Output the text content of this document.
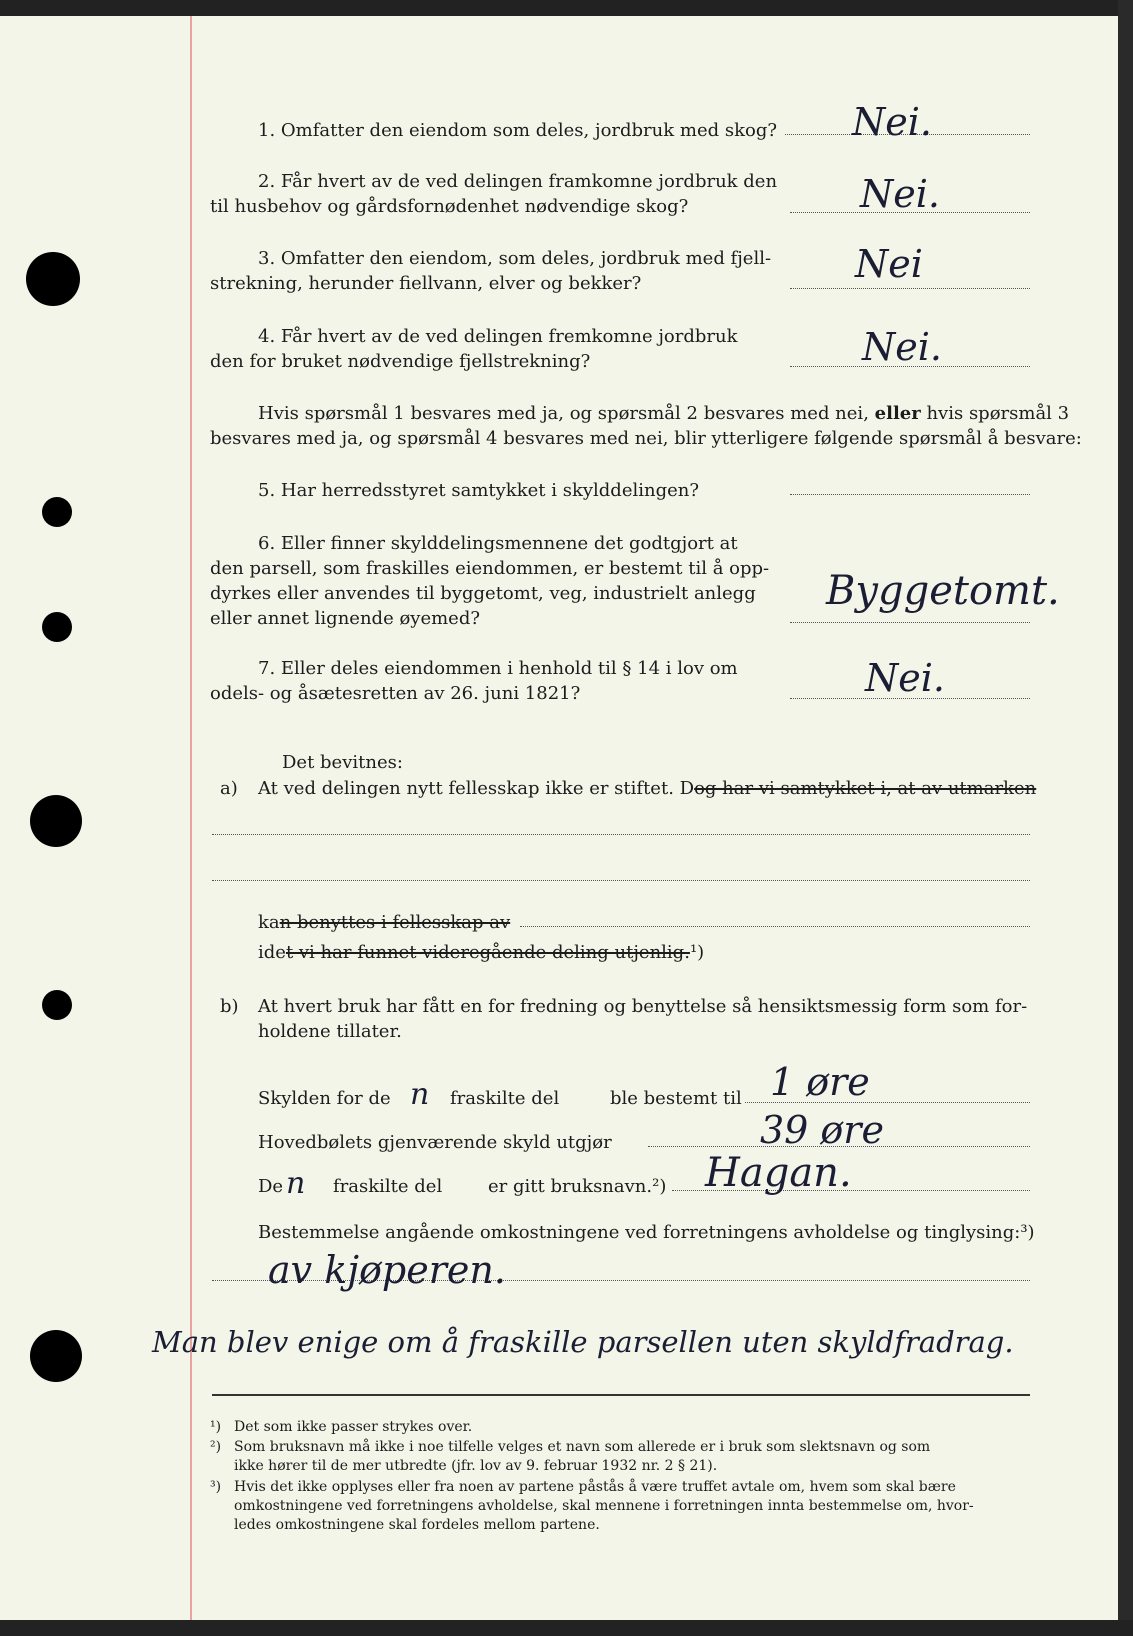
1. Omfatter den eiendom som deles, jordbruk med skog? Nei.
2. Får hvert av de ved delingen framkomne jordbruk den
til husbehov og gårdsfornødenhet nødvendige skog?	Nei.
3. Omfatter den eiendom, som deles, jordbruk med fjell-
strekning, herunder fiellvann, elver og bekker?	Nei
4. Får hvert av de ved delingen fremkomne jordbruk
den for bruket nødvendige fjellstrekning?	Nei.
Hvis spørsmål 1 besvares med ja, og spørsmål 2 besvares med nei, eller hvis spørsmål 3
besvares med ja, og spørsmål 4 besvares med nei, blir ytterligere følgende spørsmål å besvare:
5. Har herredsstyret samtykket i skylddelingen?
6. Eller finner skylddelingsmennene det godtgjort at
den parsell, som fraskilles eiendommen, er bestemt til å opp-
dyrkes eller anvendes til byggetomt, veg, industrielt anlegg
eller annet lignende øyemed?
Byggetomt.
7. Eller deles eiendommen i henhold til § 14 i lov om
odels- og åsætesretten av 26. juni 1821?	Nei.
Det bevitnes:
a) At ved delingen nytt fellesskap ikke er stiftet. Dog har vi samtykket i, at av utmarken
kan benyttes i fellesskap av
idet vi har funnet videregående deling utjenlig.¹)
b) At hvert bruk har fått en for fredning og benyttelse så hensiktsmessig form som for-
holdene tillater.
Skylden for de n fraskilte del	ble bestemt til 1 øre
Hovedbølets gjenværende skyld utgjør	39 øre
De n fraskilte del	er gitt bruksnavn.²) Hagan.
Bestemmelse angående omkostningene ved forretningens avholdelse og tinglysing:³)
av kjøperen.
Man blev enige om å fraskille parsellen uten skyldfradrag.
¹) Det som ikke passer strykes over.
²) Som bruksnavn må ikke i noe tilfelle velges et navn som allerede er i bruk som slektsnavn og som
ikke hører til de mer utbredte (jfr. lov av 9. februar 1932 nr. 2 § 21).
³) Hvis det ikke opplyses eller fra noen av partene påstås å være truffet avtale om, hvem som skal bære
omkostningene ved forretningens avholdelse, skal mennene i forretningen innta bestemmelse om, hvor-
ledes omkostningene skal fordeles mellom partene.
